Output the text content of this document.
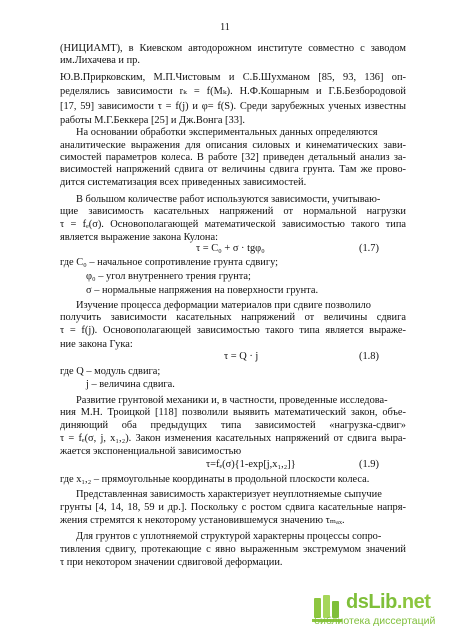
11
(НИЦИАМТ), в Киевском автодорожном институте совместно с заводом
им.Лихачева и пр.
Ю.В.Прирковским, М.П.Чистовым и С.Б.Шухманом [85, 93, 136] оп-
ределялись зависимости rₖ = f(Mₖ). Н.Ф.Кошарным и Г.Б.Безбородовой
[17, 59] зависимости τ = f(j) и φ= f(S). Среди зарубежных ученых известны
работы М.Г.Беккера [25] и Дж.Вонга [33].
На основании обработки экспериментальных данных определяются
аналитические выражения для описания силовых и кинематических зави-
симостей параметров колеса. В работе [32] приведен детальный анализ за-
висимостей напряжений сдвига от величины сдвига грунта. Там же прово-
дится систематизация всех приведенных зависимостей.
В большом количестве работ используются зависимости, учитываю-
щие зависимость касательных напряжений от нормальной нагрузки
τ = fₑ(σ). Основополагающей математической зависимостью такого типа
является выражение закона Кулона:
τ = C₀ + σ · tgφ₀	(1.7)
где С₀ – начальное сопротивление грунта сдвигу;
φ₀ – угол внутреннего трения грунта;
σ – нормальные напряжения на поверхности грунта.
Изучение процесса деформации материалов при сдвиге позволило
получить зависимости касательных напряжений от величины сдвига
τ = f(j). Основополагающей зависимостью такого типа является выраже-
ние закона Гука:
τ = Q · j	(1.8)
где Q – модуль сдвига;
j – величина сдвига.
Развитие грунтовой механики и, в частности, проведенные исследова-
ния М.Н. Троицкой [118] позволили выявить математический закон, объе-
диняющий оба предыдущих типа зависимостей «нагрузка-сдвиг»
τ = fₑ(σ, j, x₁,₂). Закон изменения касательных напряжений от сдвига выра-
жается экспоненциальной зависимостью
τ=fₑ(σ){1-exp[j,x₁,₂]}	(1.9)
где x₁,₂ – прямоугольные координаты в продольной плоскости колеса.
Представленная зависимость характеризует неуплотняемые сыпучие
грунты [4, 14, 18, 59 и др.]. Поскольку с ростом сдвига касательные напря-
жения стремятся к некоторому установившемуся значению τₘₐₓ.
Для грунтов с уплотняемой структурой характерны процессы сопро-
тивления сдвигу, протекающие с явно выраженным экстремумом значений
τ при некотором значении сдвиговой деформации.
dsLib.net
библиотека диссертаций
